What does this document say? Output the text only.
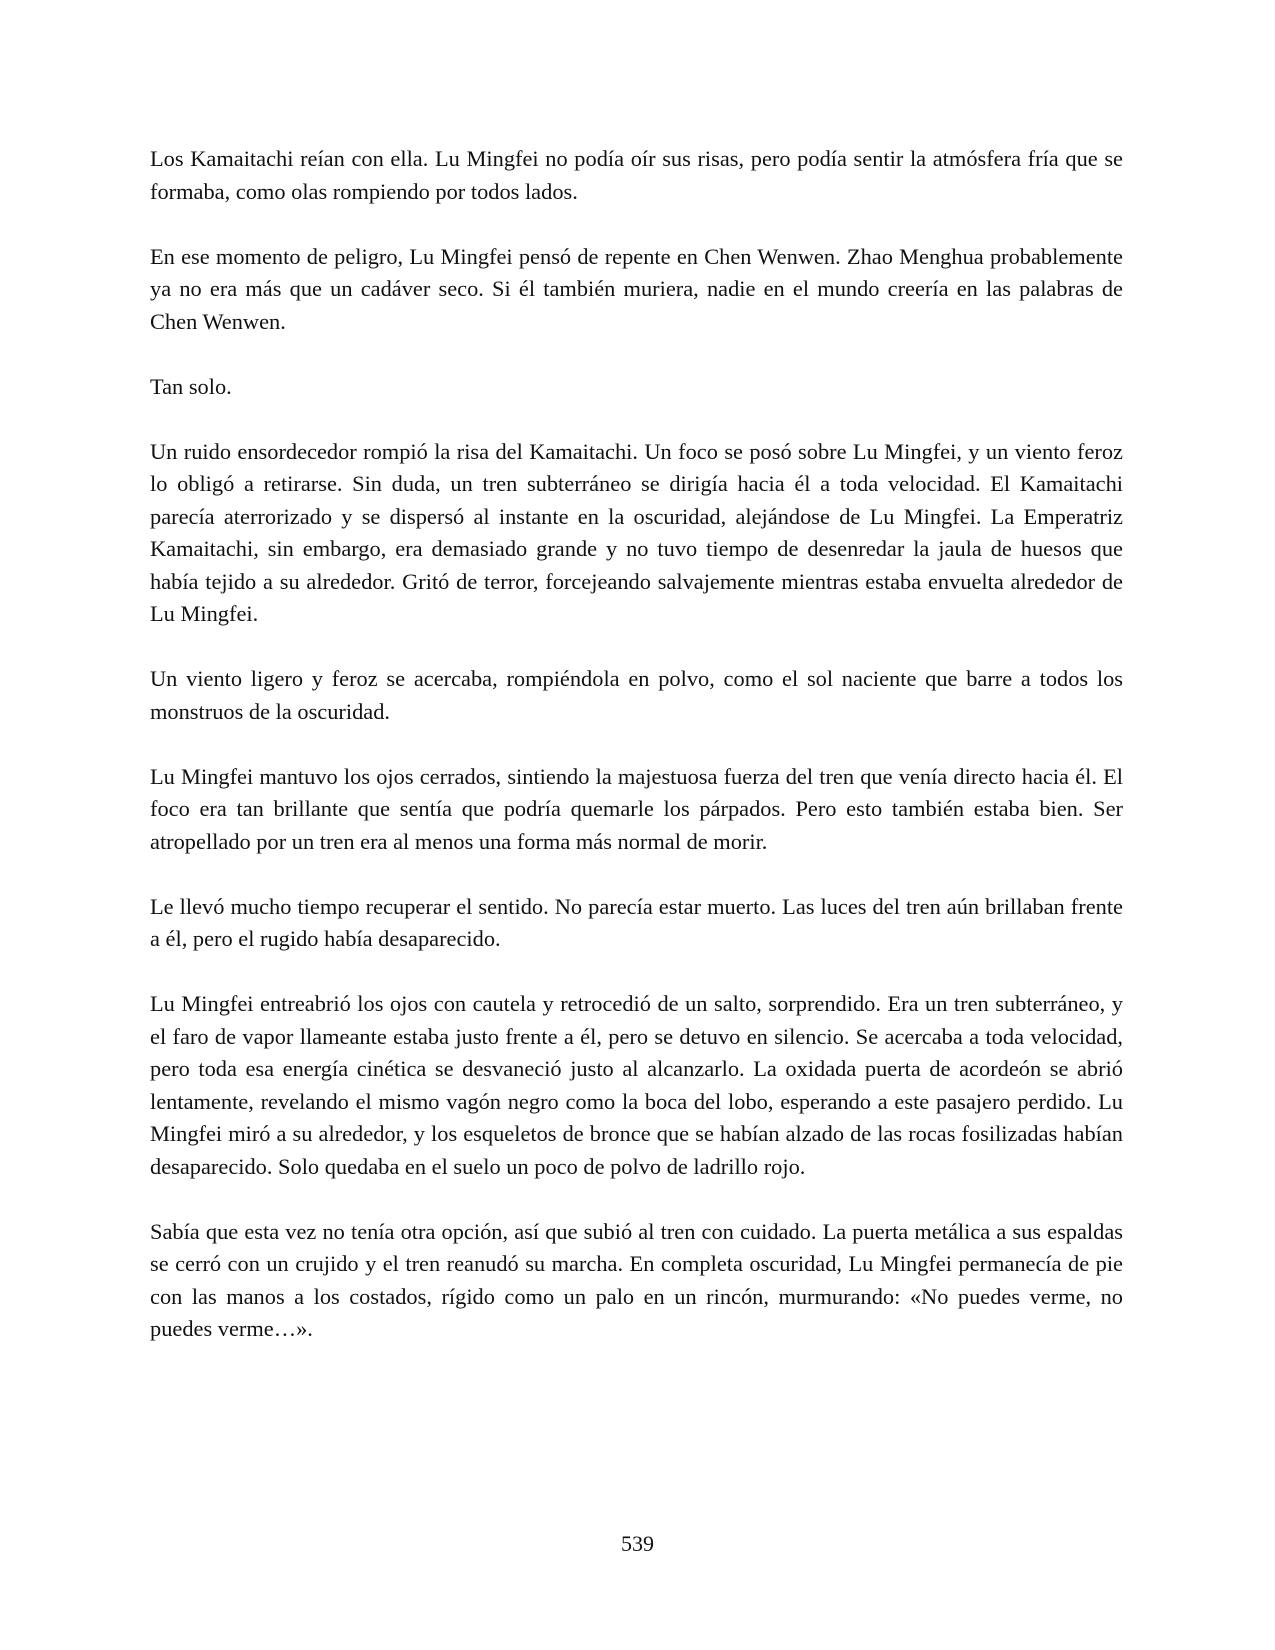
Los Kamaitachi reían con ella. Lu Mingfei no podía oír sus risas, pero podía sentir la atmósfera fría que se formaba, como olas rompiendo por todos lados.

En ese momento de peligro, Lu Mingfei pensó de repente en Chen Wenwen. Zhao Menghua probablemente ya no era más que un cadáver seco. Si él también muriera, nadie en el mundo creería en las palabras de Chen Wenwen.

Tan solo.

Un ruido ensordecedor rompió la risa del Kamaitachi. Un foco se posó sobre Lu Mingfei, y un viento feroz lo obligó a retirarse. Sin duda, un tren subterráneo se dirigía hacia él a toda velocidad. El Kamaitachi parecía aterrorizado y se dispersó al instante en la oscuridad, alejándose de Lu Mingfei. La Emperatriz Kamaitachi, sin embargo, era demasiado grande y no tuvo tiempo de desenredar la jaula de huesos que había tejido a su alrededor. Gritó de terror, forcejeando salvajemente mientras estaba envuelta alrededor de Lu Mingfei.

Un viento ligero y feroz se acercaba, rompiéndola en polvo, como el sol naciente que barre a todos los monstruos de la oscuridad.

Lu Mingfei mantuvo los ojos cerrados, sintiendo la majestuosa fuerza del tren que venía directo hacia él. El foco era tan brillante que sentía que podría quemarle los párpados. Pero esto también estaba bien. Ser atropellado por un tren era al menos una forma más normal de morir.

Le llevó mucho tiempo recuperar el sentido. No parecía estar muerto. Las luces del tren aún brillaban frente a él, pero el rugido había desaparecido.

Lu Mingfei entreabrió los ojos con cautela y retrocedió de un salto, sorprendido. Era un tren subterráneo, y el faro de vapor llameante estaba justo frente a él, pero se detuvo en silencio. Se acercaba a toda velocidad, pero toda esa energía cinética se desvaneció justo al alcanzarlo. La oxidada puerta de acordeón se abrió lentamente, revelando el mismo vagón negro como la boca del lobo, esperando a este pasajero perdido. Lu Mingfei miró a su alrededor, y los esqueletos de bronce que se habían alzado de las rocas fosilizadas habían desaparecido. Solo quedaba en el suelo un poco de polvo de ladrillo rojo.

Sabía que esta vez no tenía otra opción, así que subió al tren con cuidado. La puerta metálica a sus espaldas se cerró con un crujido y el tren reanudó su marcha. En completa oscuridad, Lu Mingfei permanecía de pie con las manos a los costados, rígido como un palo en un rincón, murmurando: «No puedes verme, no puedes verme…».

539
